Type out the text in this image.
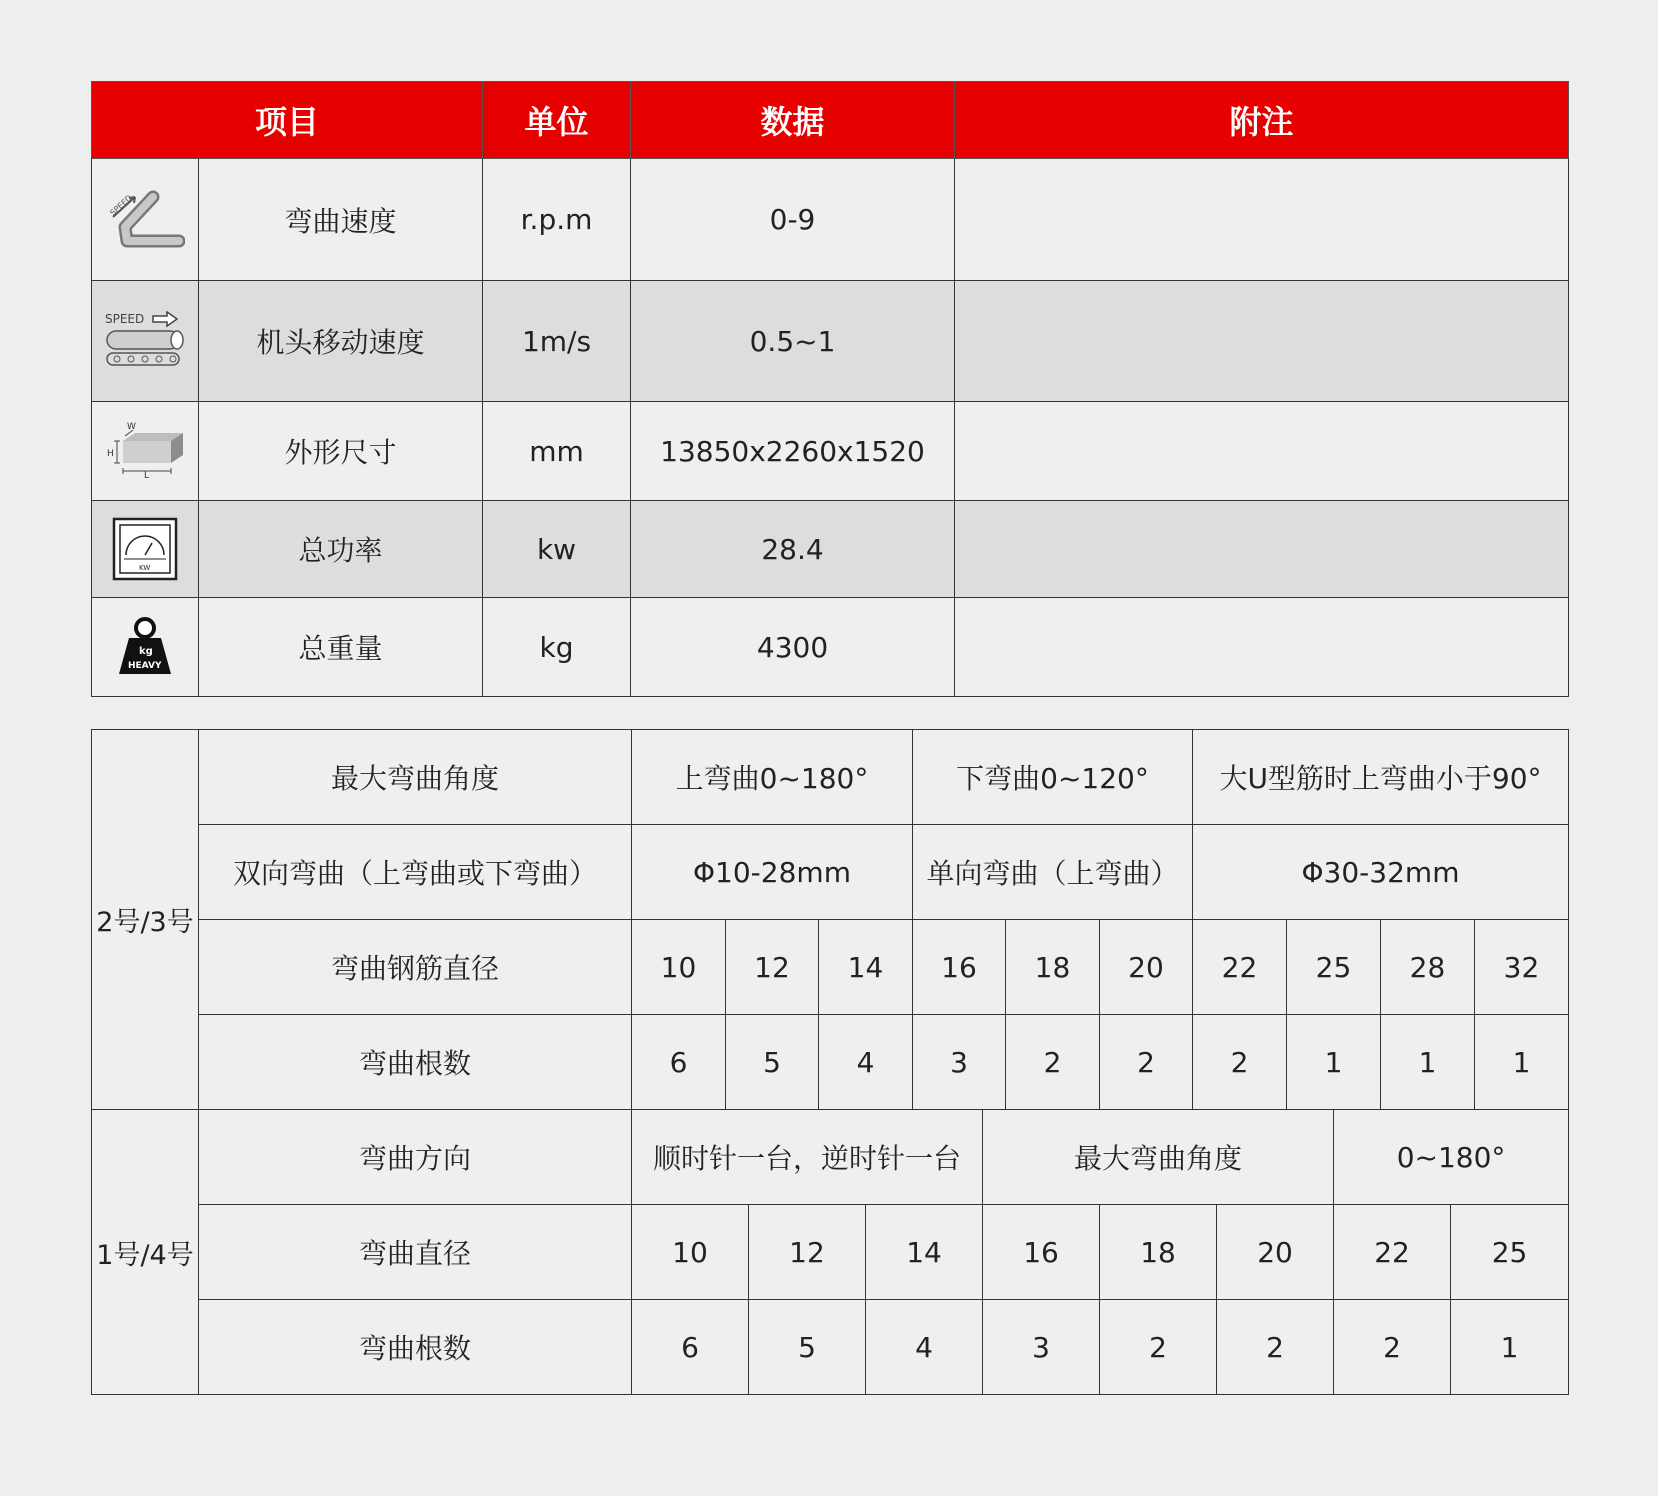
项目		单位	数据	附注

SPEED	弯曲速度	r.p.m	0-9	

SPEED	机头移动速度	1m/s	0.5~1	

W
H
L	外形尺寸	mm	13850x2260x1520	

KW	总功率	kw	28.4	

kg
HEAVY	总重量	kg	4300	
2号/3号	最大弯曲角度	上弯曲0~180°			下弯曲0~120°			大U型筋时上弯曲小于90°			
	双向弯曲（上弯曲或下弯曲）	Φ10-28mm			单向弯曲（上弯曲）			Φ30-32mm			
	弯曲钢筋直径	10	12	14	16	18	20	22	25	28	32
	弯曲根数	6	5	4	3	2	2	2	1	1	1
1号/4号	弯曲方向	顺时针一台，逆时针一台			最大弯曲角度			0~180°	
	弯曲直径	10	12	14	16	18	20	22	25
	弯曲根数	6	5	4	3	2	2	2	1
